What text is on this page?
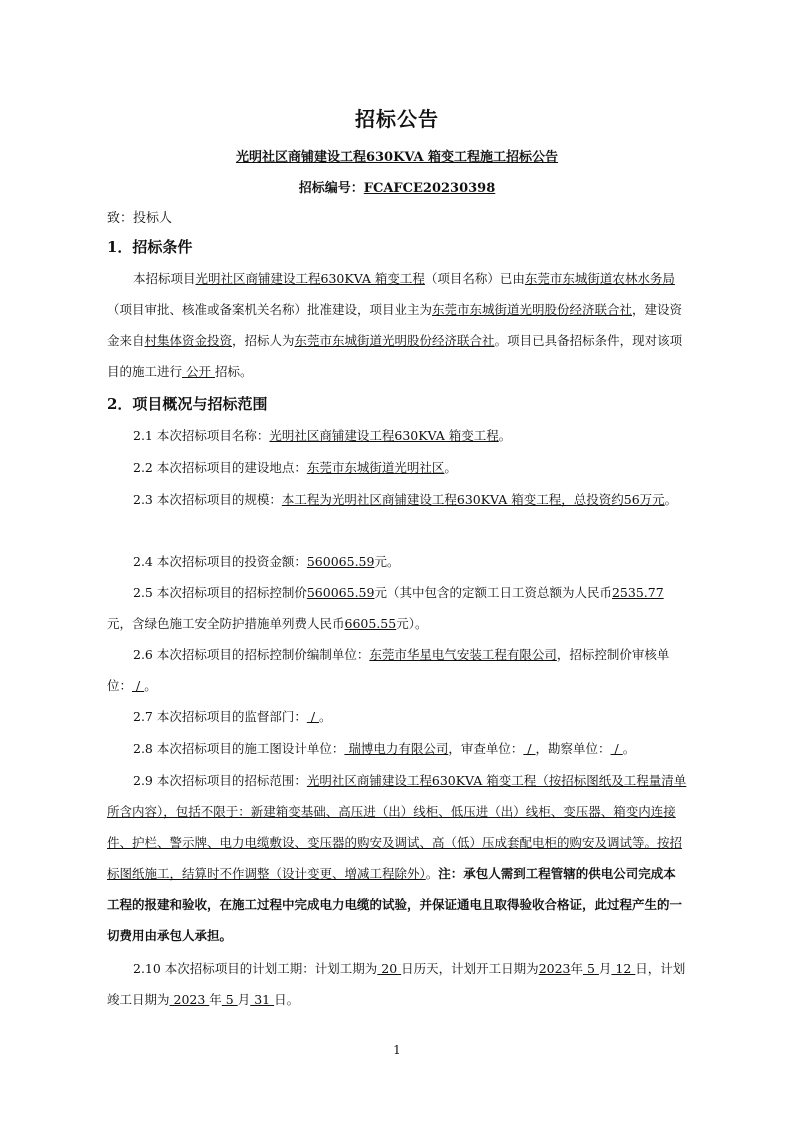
招标公告
光明社区商铺建设工程630KVA 箱变工程施工招标公告
招标编号：FCAFCE20230398
致：投标人
1．招标条件
本招标项目光明社区商铺建设工程630KVA 箱变工程（项目名称）已由东莞市东城街道农林水务局（项目审批、核准或备案机关名称）批准建设，项目业主为东莞市东城街道光明股份经济联合社，建设资金来自村集体资金投资，招标人为东莞市东城街道光明股份经济联合社。项目已具备招标条件，现对该项目的施工进行 公开 招标。
2．项目概况与招标范围
2.1 本次招标项目名称：光明社区商铺建设工程630KVA 箱变工程。
2.2 本次招标项目的建设地点：东莞市东城街道光明社区。
2.3 本次招标项目的规模：本工程为光明社区商铺建设工程630KVA 箱变工程，总投资约56万元。
2.4 本次招标项目的投资金额：560065.59元。
2.5 本次招标项目的招标控制价560065.59元（其中包含的定额工日工资总额为人民币2535.77元，含绿色施工安全防护措施单列费人民币6605.55元）。
2.6 本次招标项目的招标控制价编制单位：东莞市华星电气安装工程有限公司，招标控制价审核单位： / 。
2.7 本次招标项目的监督部门： / 。
2.8 本次招标项目的施工图设计单位： 瑞博电力有限公司，审查单位： / ，勘察单位： / 。
2.9 本次招标项目的招标范围：光明社区商铺建设工程630KVA 箱变工程（按招标图纸及工程量清单所含内容），包括不限于：新建箱变基础、高压进（出）线柜、低压进（出）线柜、变压器、箱变内连接件、护栏、警示牌、电力电缆敷设、变压器的购安及调试、高（低）压成套配电柜的购安及调试等。按招标图纸施工，结算时不作调整（设计变更、增减工程除外）。注：承包人需到工程管辖的供电公司完成本工程的报建和验收，在施工过程中完成电力电缆的试验，并保证通电且取得验收合格证，此过程产生的一切费用由承包人承担。
2.10 本次招标项目的计划工期：计划工期为 20 日历天，计划开工日期为2023年 5 月 12 日，计划竣工日期为 2023 年 5 月 31 日。
1
